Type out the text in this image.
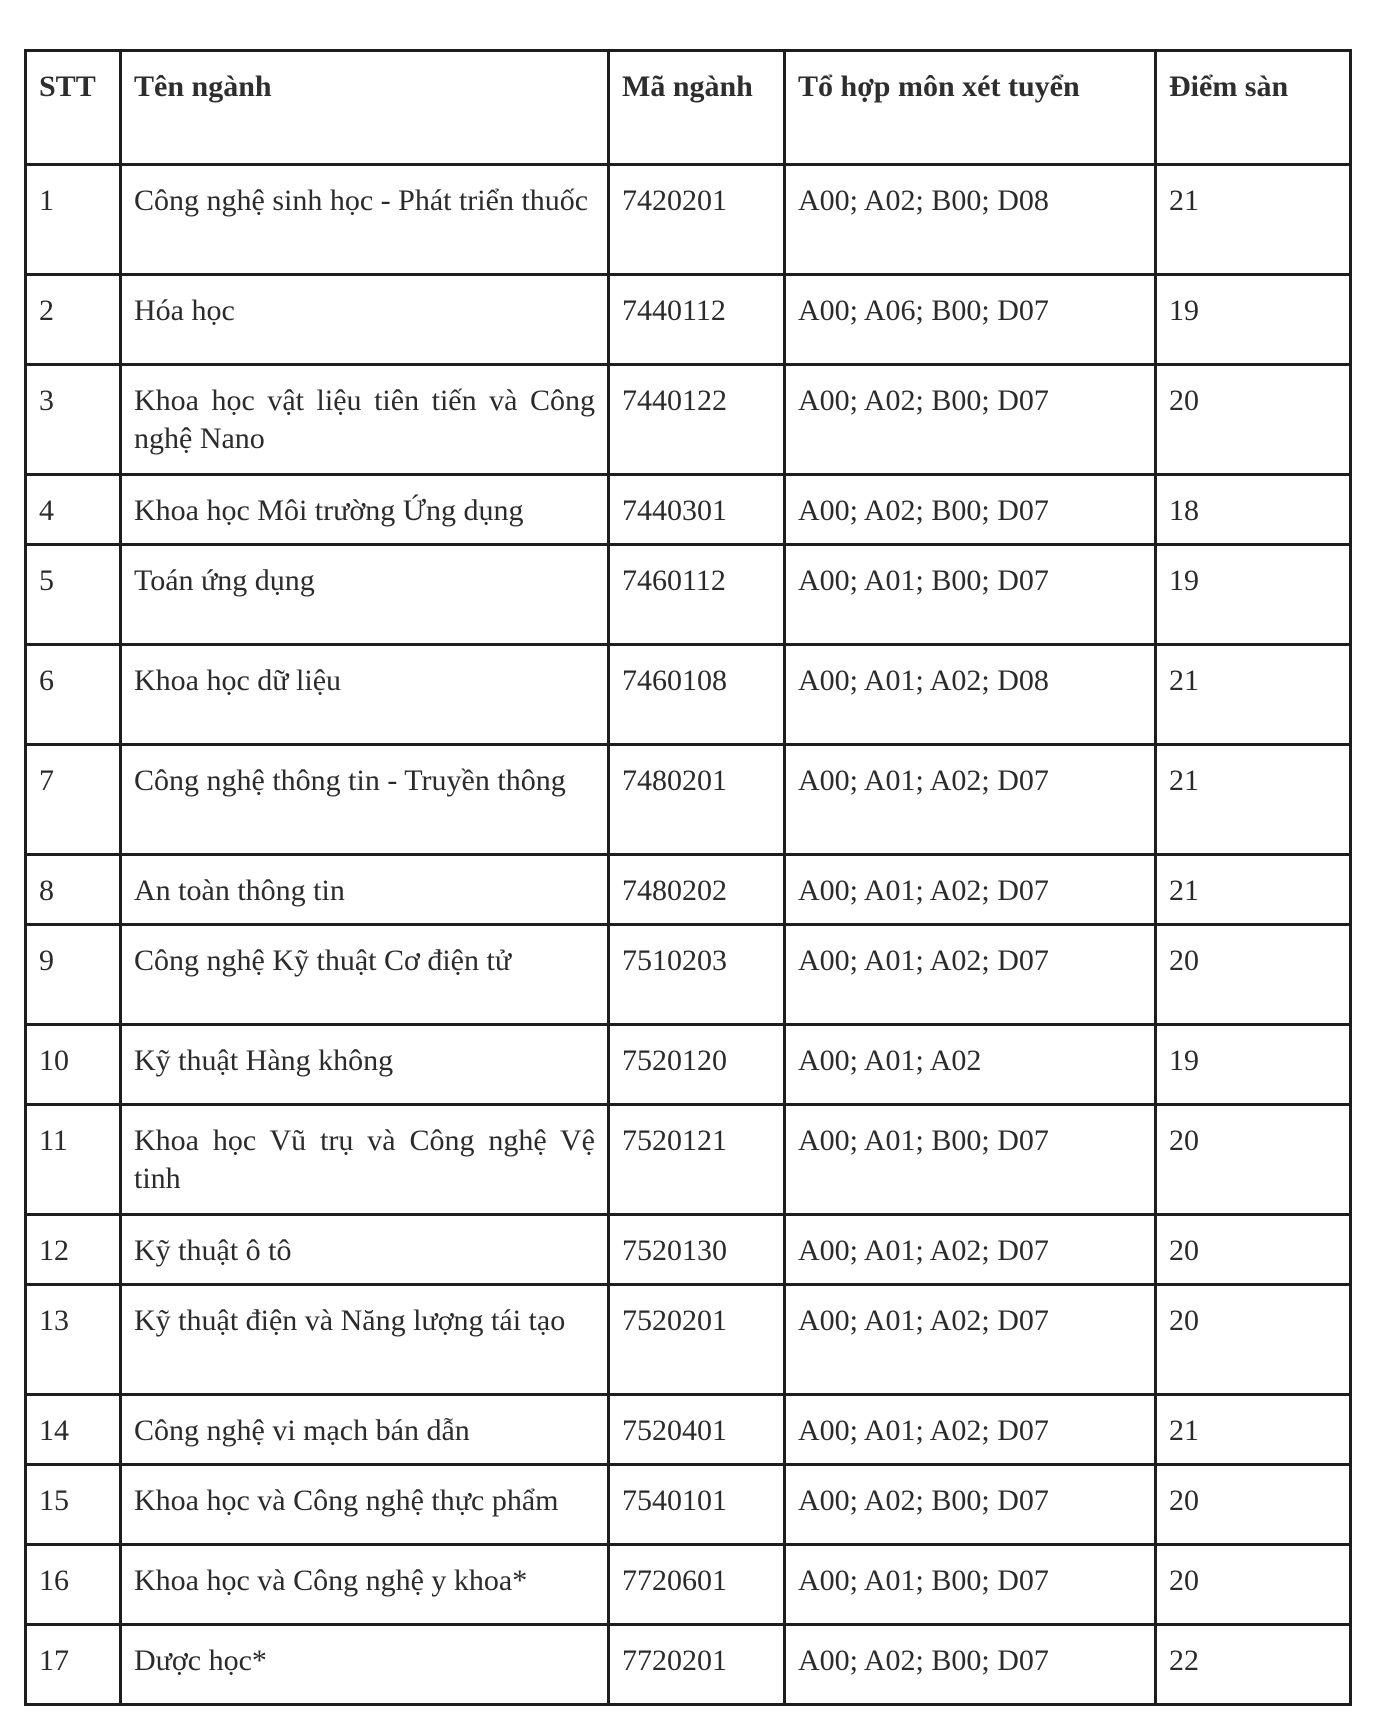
STT	Tên ngành	Mã ngành	Tổ hợp môn xét tuyển	Điểm sàn
1	Công nghệ sinh học - Phát triển thuốc	7420201	A00; A02; B00; D08	21
2	Hóa học	7440112	A00; A06; B00; D07	19
3	Khoa học vật liệu tiên tiến và Công nghệ Nano	7440122	A00; A02; B00; D07	20
4	Khoa học Môi trường Ứng dụng	7440301	A00; A02; B00; D07	18
5	Toán ứng dụng	7460112	A00; A01; B00; D07	19
6	Khoa học dữ liệu	7460108	A00; A01; A02; D08	21
7	Công nghệ thông tin - Truyền thông	7480201	A00; A01; A02; D07	21
8	An toàn thông tin	7480202	A00; A01; A02; D07	21
9	Công nghệ Kỹ thuật Cơ điện tử	7510203	A00; A01; A02; D07	20
10	Kỹ thuật Hàng không	7520120	A00; A01; A02	19
11	Khoa học Vũ trụ và Công nghệ Vệ tinh	7520121	A00; A01; B00; D07	20
12	Kỹ thuật ô tô	7520130	A00; A01; A02; D07	20
13	Kỹ thuật điện và Năng lượng tái tạo	7520201	A00; A01; A02; D07	20
14	Công nghệ vi mạch bán dẫn	7520401	A00; A01; A02; D07	21
15	Khoa học và Công nghệ thực phẩm	7540101	A00; A02; B00; D07	20
16	Khoa học và Công nghệ y khoa*	7720601	A00; A01; B00; D07	20
17	Dược học*	7720201	A00; A02; B00; D07	22
